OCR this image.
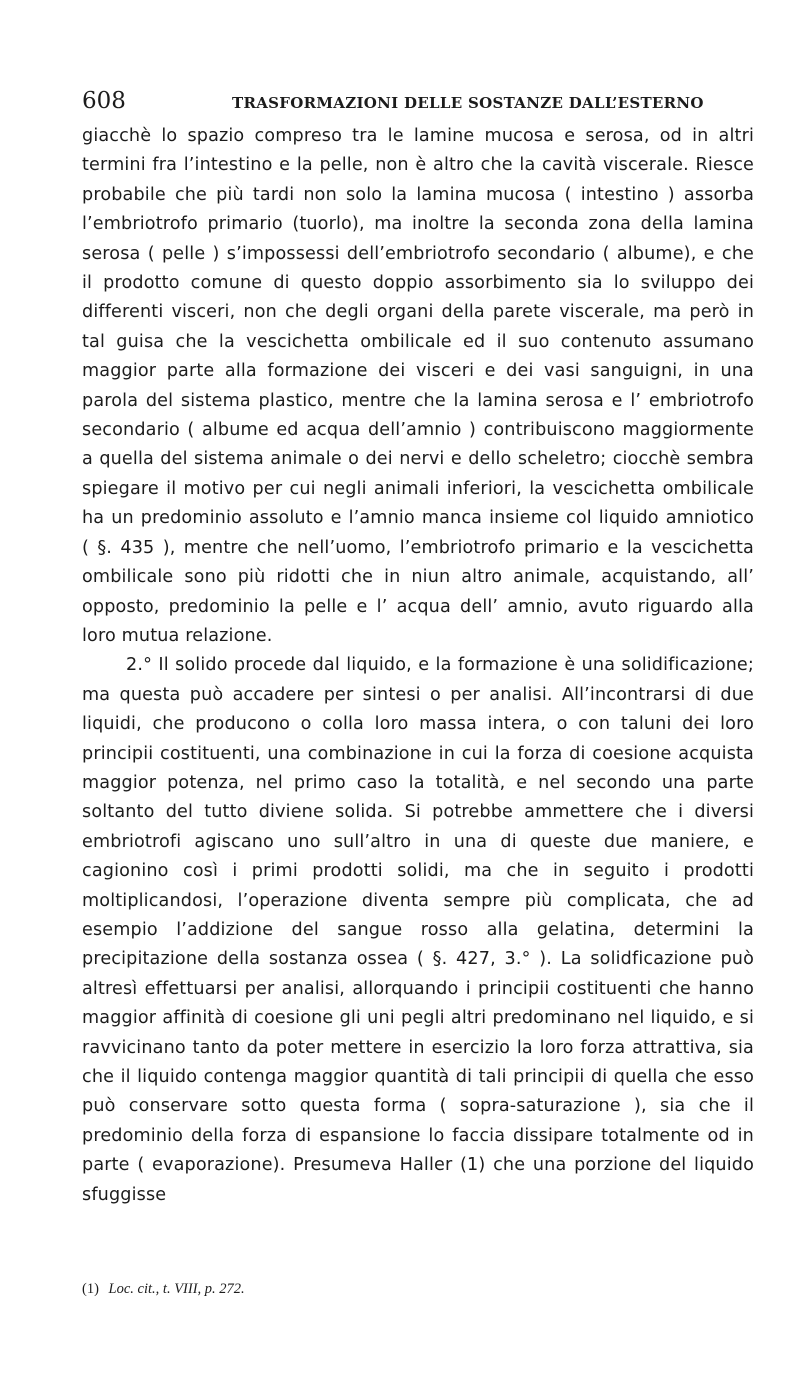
608	TRASFORMAZIONI DELLE SOSTANZE DALL’ESTERNO

giacchè lo spazio compreso tra le lamine mucosa e serosa, od in altri termini fra l’intestino e la pelle, non è altro che la cavità viscerale. Riesce probabile che più tardi non solo la lamina mucosa ( intestino ) assorba l’embriotrofo primario (tuorlo), ma inoltre la seconda zona della lamina serosa ( pelle ) s’impossessi dell’embriotrofo secondario ( albume), e che il prodotto comune di questo doppio assorbimento sia lo sviluppo dei differenti visceri, non che degli organi della parete viscerale, ma però in tal guisa che la vescichetta ombilicale ed il suo contenuto assumano maggior parte alla formazione dei visceri e dei vasi sanguigni, in una parola del sistema plastico, mentre che la lamina serosa e l’ embriotrofo secondario ( albume ed acqua dell’amnio ) contribuiscono maggiormente a quella del sistema animale o dei nervi e dello scheletro; ciocchè sembra spiegare il motivo per cui negli animali inferiori, la vescichetta ombilicale ha un predominio assoluto e l’amnio manca insieme col liquido amniotico ( §. 435 ), mentre che nell’uomo, l’embriotrofo primario e la vescichetta ombilicale sono più ridotti che in niun altro animale, acquistando, all’ opposto, predominio la pelle e l’ acqua dell’ amnio, avuto riguardo alla loro mutua relazione.

2.° Il solido procede dal liquido, e la formazione è una solidificazione; ma questa può accadere per sintesi o per analisi. All’incontrarsi di due liquidi, che producono o colla loro massa intera, o con taluni dei loro principii costituenti, una combinazione in cui la forza di coesione acquista maggior potenza, nel primo caso la totalità, e nel secondo una parte soltanto del tutto diviene solida. Si potrebbe ammettere che i diversi embriotrofi agiscano uno sull’altro in una di queste due maniere, e cagionino così i primi prodotti solidi, ma che in seguito i prodotti moltiplicandosi, l’operazione diventa sempre più complicata, che ad esempio l’addizione del sangue rosso alla gelatina, determini la precipitazione della sostanza ossea ( §. 427, 3.° ). La solidficazione può altresì effettuarsi per analisi, allorquando i principii costituenti che hanno maggior affinità di coesione gli uni pegli altri predominano nel liquido, e si ravvicinano tanto da poter mettere in esercizio la loro forza attrattiva, sia che il liquido contenga maggior quantità di tali principii di quella che esso può conservare sotto questa forma ( sopra-saturazione ), sia che il predominio della forza di espansione lo faccia dissipare totalmente od in parte ( evaporazione). Presumeva Haller (1) che una porzione del liquido sfuggisse

(1) Loc. cit., t. VIII, p. 272.
